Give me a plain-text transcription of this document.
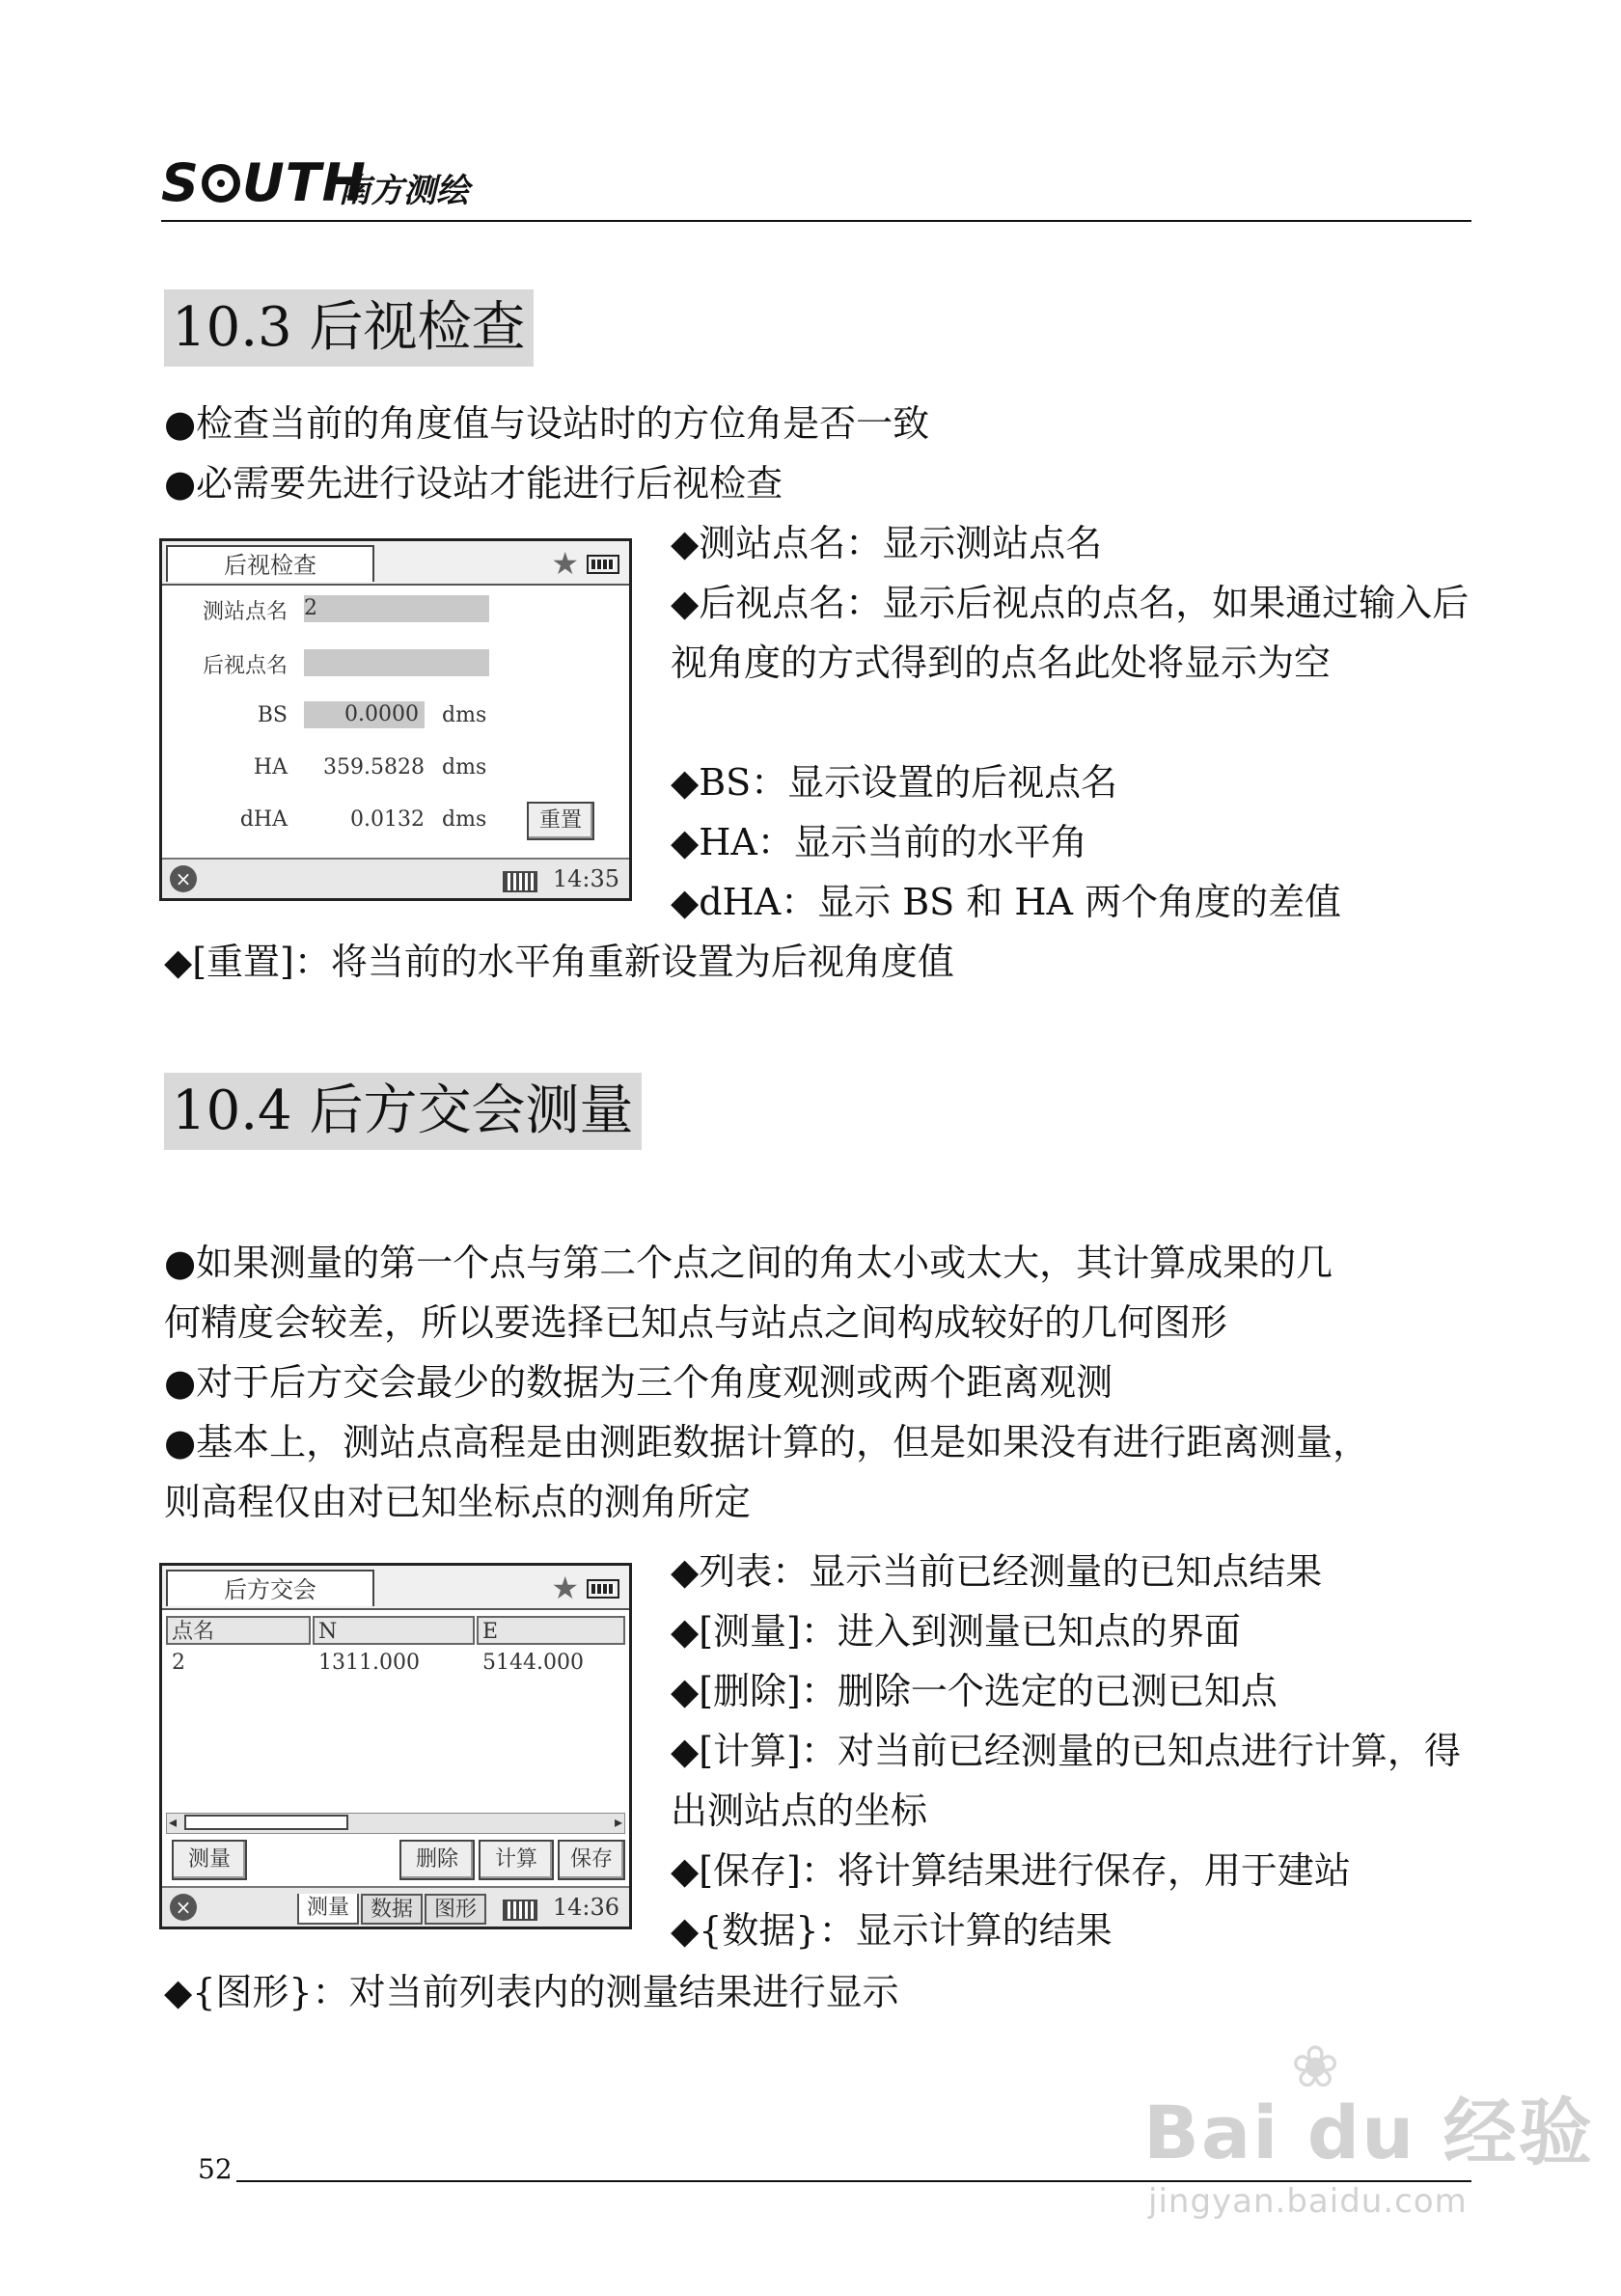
S UTH
南方测绘
10.3 后视检查
●检查当前的角度值与设站时的方位角是否一致
●必需要先进行设站才能进行后视检查
后视检查	★
测站点名 2
后视点名
BS	0.0000 dms
HA	359.5828 dms
dHA	0.0132 dms	重置
×	14:35
◆测站点名：显示测站点名
◆后视点名：显示后视点的点名，如果通过输入后视角度的方式得到的点名此处将显示为空
◆BS：显示设置的后视点名
◆HA：显示当前的水平角
◆dHA：显示 BS 和 HA 两个角度的差值
◆[重置]：将当前的水平角重新设置为后视角度值
10.4 后方交会测量
●如果测量的第一个点与第二个点之间的角太小或太大，其计算成果的几
何精度会较差，所以要选择已知点与站点之间构成较好的几何图形
●对于后方交会最少的数据为三个角度观测或两个距离观测
●基本上，测站点高程是由测距数据计算的，但是如果没有进行距离测量，
则高程仅由对已知坐标点的测角所定
后方交会	★
点名	N	E
2	1311.000	5144.000
◂	▸
测量	删除	计算	保存
×	测量 数据 图形	14:36
◆列表：显示当前已经测量的已知点结果
◆[测量]：进入到测量已知点的界面
◆[删除]：删除一个选定的已测已知点
◆[计算]：对当前已经测量的已知点进行计算，得出测站点的坐标
◆[保存]：将计算结果进行保存，用于建站
◆{数据}：显示计算的结果
◆{图形}：对当前列表内的测量结果进行显示
52
❀
Bai du 经验
jingyan.baidu.com
